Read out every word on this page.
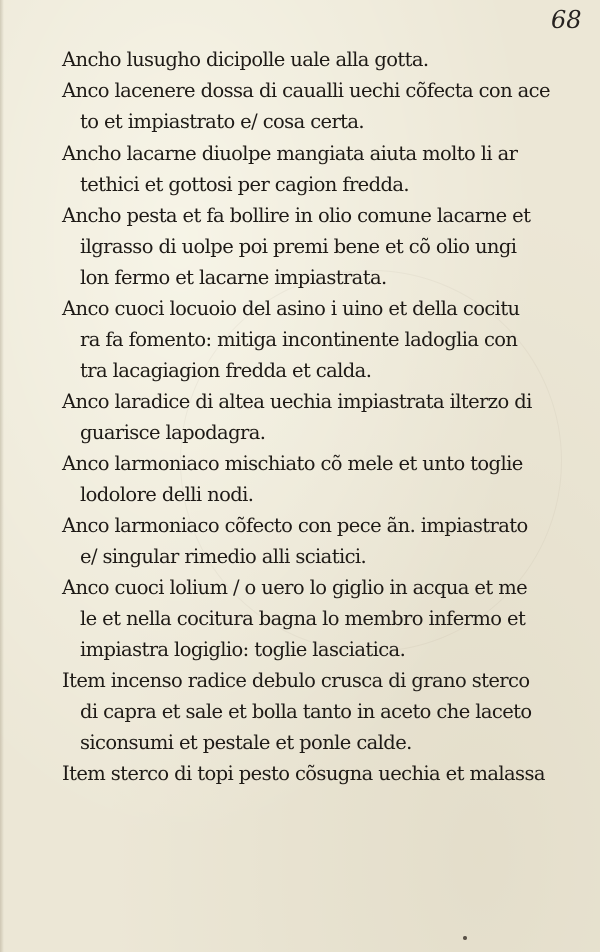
68
Ancho lusugho dicipolle uale alla gotta.
Anco lacenere dossa di caualli uechi cõfecta con ace
to et impiastrato e/ cosa certa.
Ancho lacarne diuolpe mangiata aiuta molto li ar
tethici et gottosi per cagion fredda.
Ancho pesta et fa bollire in olio comune lacarne et
ilgrasso di uolpe poi premi bene et cõ olio ungi
lon fermo et lacarne impiastrata.
Anco cuoci locuoio del asino i uino et della cocitu
ra fa fomento: mitiga incontinente ladoglia con
tra lacagiagion fredda et calda.
Anco laradice di altea uechia impiastrata ilterzo di
guarisce lapodagra.
Anco larmoniaco mischiato cõ mele et unto toglie
lodolore delli nodi.
Anco larmoniaco cõfecto con pece ãn. impiastrato
e/ singular rimedio alli sciatici.
Anco cuoci lolium / o uero lo giglio in acqua et me
le et nella cocitura bagna lo membro infermo et
impiastra logiglio: toglie lasciatica.
Item incenso radice debulo crusca di grano sterco
di capra et sale et bolla tanto in aceto che laceto
siconsumi et pestale et ponle calde.
Item sterco di topi pesto cõsugna uechia et malassa
